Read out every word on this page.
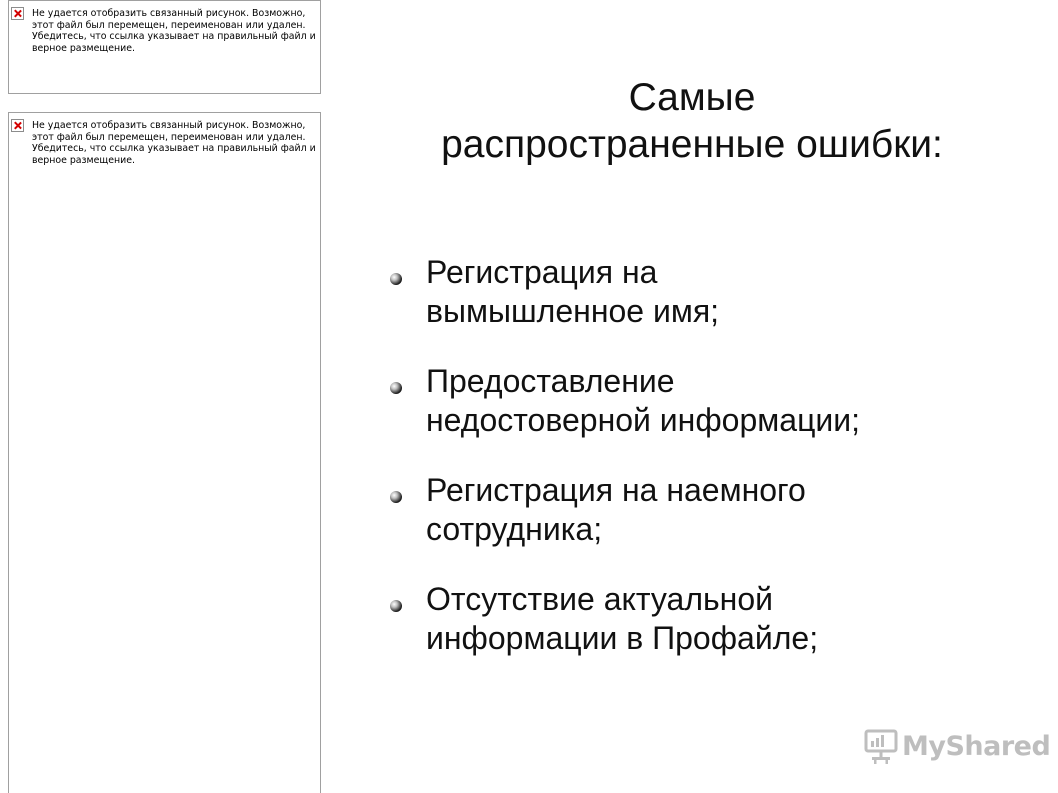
Не удается отобразить связанный рисунок. Возможно,
этот файл был перемещен, переименован или удален.
Убедитесь, что ссылка указывает на правильный файл и
верное размещение.
Не удается отобразить связанный рисунок. Возможно,
этот файл был перемещен, переименован или удален.
Убедитесь, что ссылка указывает на правильный файл и
верное размещение.
Самые
распространенные ошибки:
Регистрация на
вымышленное имя;
Предоставление
недостоверной информации;
Регистрация на наемного
сотрудника;
Отсутствие актуальной
информации в Профайле;
MyShared
